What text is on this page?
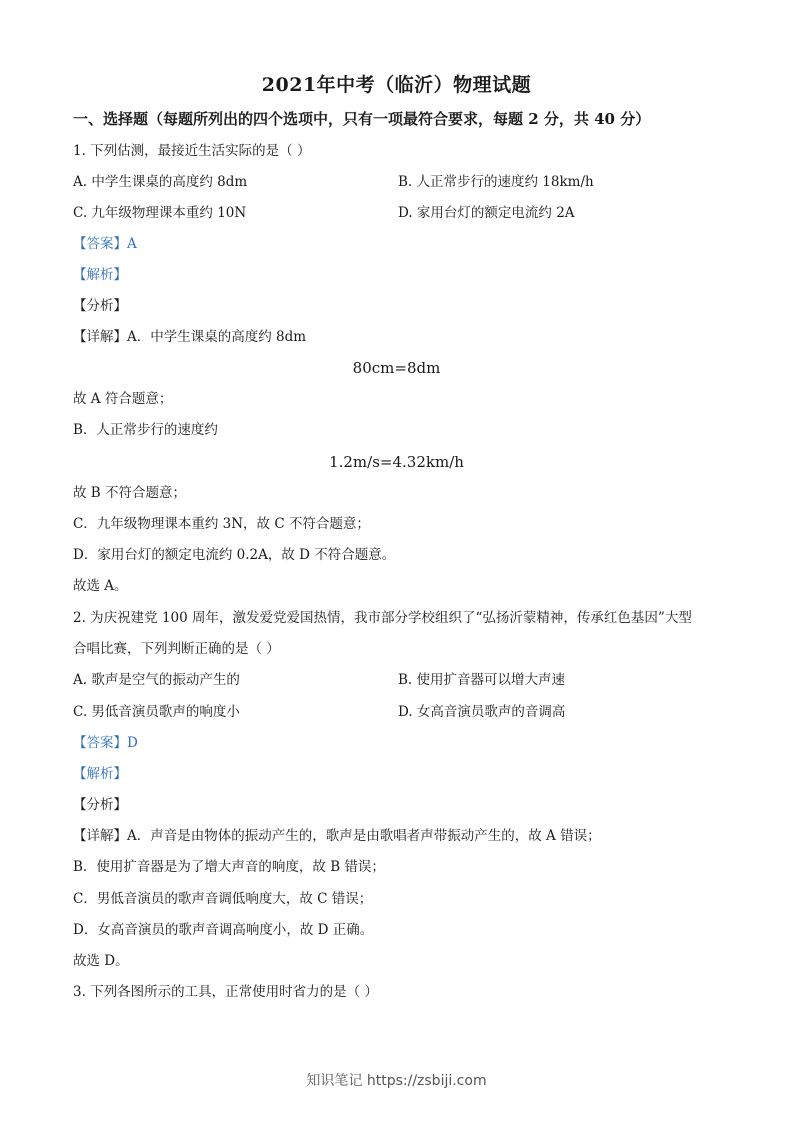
2021年中考（临沂）物理试题
一、选择题（每题所列出的四个选项中，只有一项最符合要求，每题 2 分，共 40 分）
1. 下列估测，最接近生活实际的是（ ）
A. 中学生课桌的高度约 8dm	B. 人正常步行的速度约 18km/h
C. 九年级物理课本重约 10N	D. 家用台灯的额定电流约 2A
【答案】A
【解析】
【分析】
【详解】A．中学生课桌的高度约 8dm
80cm=8dm
故 A 符合题意；
B．人正常步行的速度约
1.2m/s=4.32km/h
故 B 不符合题意；
C．九年级物理课本重约 3N，故 C 不符合题意；
D．家用台灯的额定电流约 0.2A，故 D 不符合题意。
故选 A。
2. 为庆祝建党 100 周年，激发爱党爱国热情，我市部分学校组织了“弘扬沂蒙精神，传承红色基因”大型
合唱比赛，下列判断正确的是（ ）
A. 歌声是空气的振动产生的	B. 使用扩音器可以增大声速
C. 男低音演员歌声的响度小	D. 女高音演员歌声的音调高
【答案】D
【解析】
【分析】
【详解】A．声音是由物体的振动产生的，歌声是由歌唱者声带振动产生的，故 A 错误；
B．使用扩音器是为了增大声音的响度，故 B 错误；
C．男低音演员的歌声音调低响度大，故 C 错误；
D．女高音演员的歌声音调高响度小，故 D 正确。
故选 D。
3. 下列各图所示的工具，正常使用时省力的是（ ）
知识笔记 https://zsbiji.com
